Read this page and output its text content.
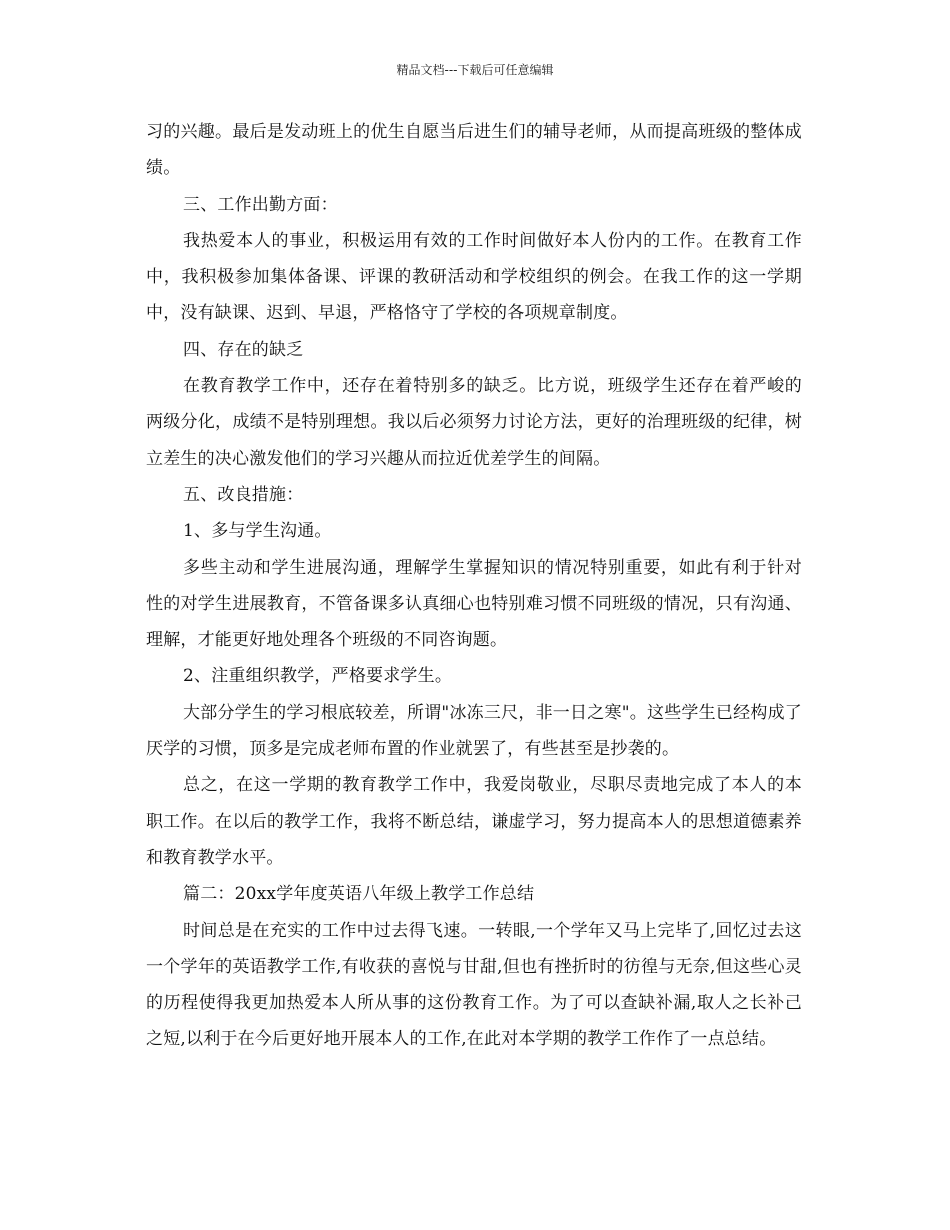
精品文档---下载后可任意编辑

习的兴趣。最后是发动班上的优生自愿当后进生们的辅导老师，从而提高班级的整体成绩。

三、工作出勤方面：

我热爱本人的事业，积极运用有效的工作时间做好本人份内的工作。在教育工作中，我积极参加集体备课、评课的教研活动和学校组织的例会。在我工作的这一学期中，没有缺课、迟到、早退，严格恪守了学校的各项规章制度。

四、存在的缺乏

在教育教学工作中，还存在着特别多的缺乏。比方说，班级学生还存在着严峻的两级分化，成绩不是特别理想。我以后必须努力讨论方法，更好的治理班级的纪律，树立差生的决心激发他们的学习兴趣从而拉近优差学生的间隔。

五、改良措施：

1、多与学生沟通。

多些主动和学生进展沟通，理解学生掌握知识的情况特别重要，如此有利于针对性的对学生进展教育，不管备课多认真细心也特别难习惯不同班级的情况，只有沟通、理解，才能更好地处理各个班级的不同咨询题。

2、注重组织教学，严格要求学生。

大部分学生的学习根底较差，所谓"冰冻三尺，非一日之寒"。这些学生已经构成了厌学的习惯，顶多是完成老师布置的作业就罢了，有些甚至是抄袭的。

总之，在这一学期的教育教学工作中，我爱岗敬业，尽职尽责地完成了本人的本职工作。在以后的教学工作，我将不断总结，谦虚学习，努力提高本人的思想道德素养和教育教学水平。

篇二：20xx学年度英语八年级上教学工作总结

时间总是在充实的工作中过去得飞速。一转眼,一个学年又马上完毕了,回忆过去这一个学年的英语教学工作,有收获的喜悦与甘甜,但也有挫折时的彷徨与无奈,但这些心灵的历程使得我更加热爱本人所从事的这份教育工作。为了可以查缺补漏,取人之长补己之短,以利于在今后更好地开展本人的工作,在此对本学期的教学工作作了一点总结。
